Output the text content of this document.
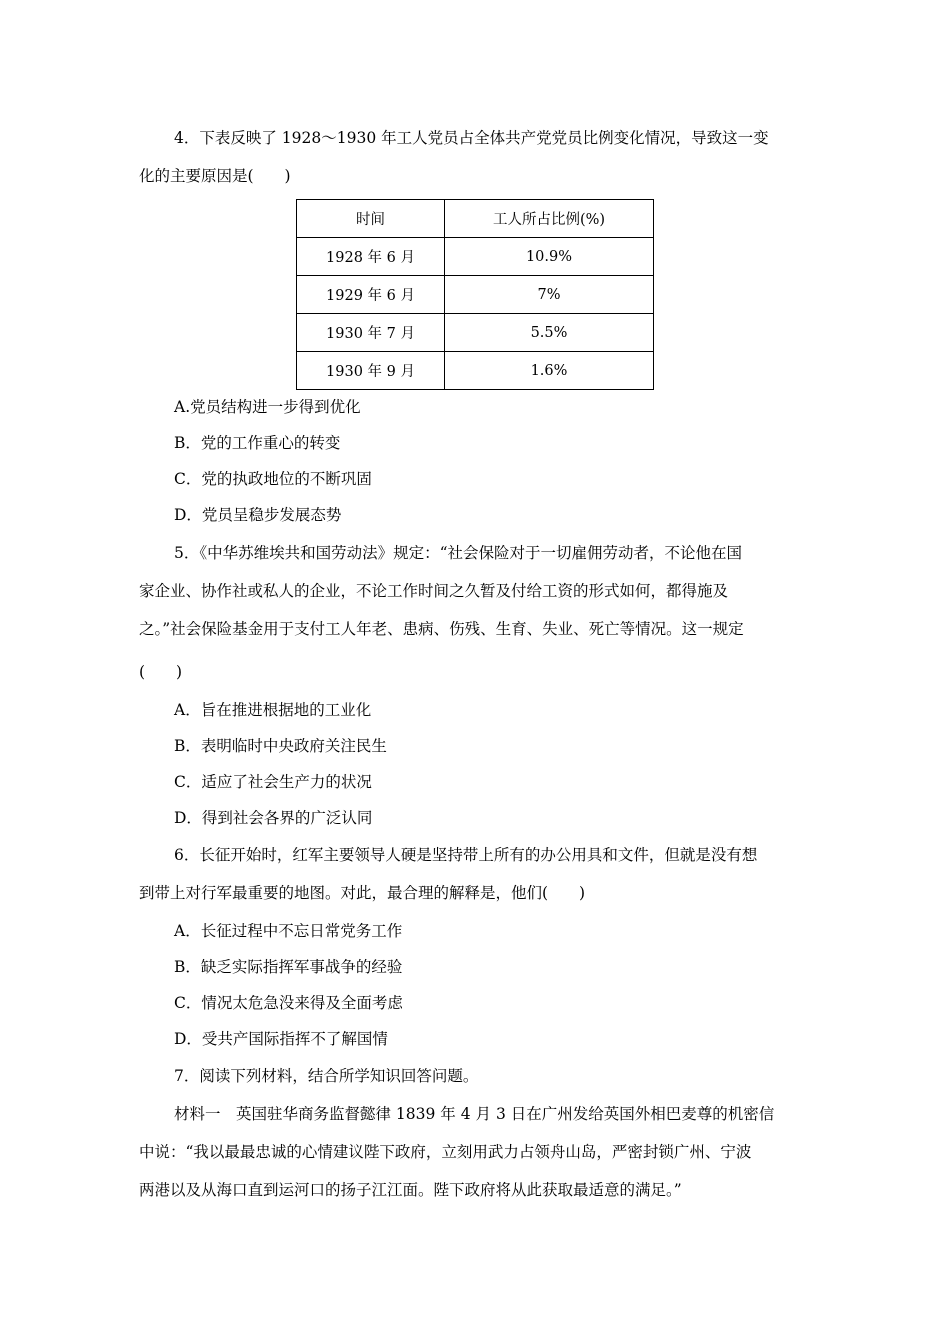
4．下表反映了 1928～1930 年工人党员占全体共产党党员比例变化情况，导致这一变
化的主要原因是(　　)
时间	工人所占比例(%)
1928 年 6 月	10.9%
1929 年 6 月	7%
1930 年 7 月	5.5%
1930 年 9 月	1.6%
A.党员结构进一步得到优化
B．党的工作重心的转变
C．党的执政地位的不断巩固
D．党员呈稳步发展态势
5．《中华苏维埃共和国劳动法》规定：“社会保险对于一切雇佣劳动者，不论他在国
家企业、协作社或私人的企业，不论工作时间之久暂及付给工资的形式如何，都得施及
之。”社会保险基金用于支付工人年老、患病、伤残、生育、失业、死亡等情况。这一规定
(　　)
A．旨在推进根据地的工业化
B．表明临时中央政府关注民生
C．适应了社会生产力的状况
D．得到社会各界的广泛认同
6．长征开始时，红军主要领导人硬是坚持带上所有的办公用具和文件，但就是没有想
到带上对行军最重要的地图。对此，最合理的解释是，他们(　　)
A．长征过程中不忘日常党务工作
B．缺乏实际指挥军事战争的经验
C．情况太危急没来得及全面考虑
D．受共产国际指挥不了解国情
7．阅读下列材料，结合所学知识回答问题。
材料一　英国驻华商务监督懿律 1839 年 4 月 3 日在广州发给英国外相巴麦尊的机密信
中说：“我以最最忠诚的心情建议陛下政府，立刻用武力占领舟山岛，严密封锁广州、宁波
两港以及从海口直到运河口的扬子江江面。陛下政府将从此获取最适意的满足。”
